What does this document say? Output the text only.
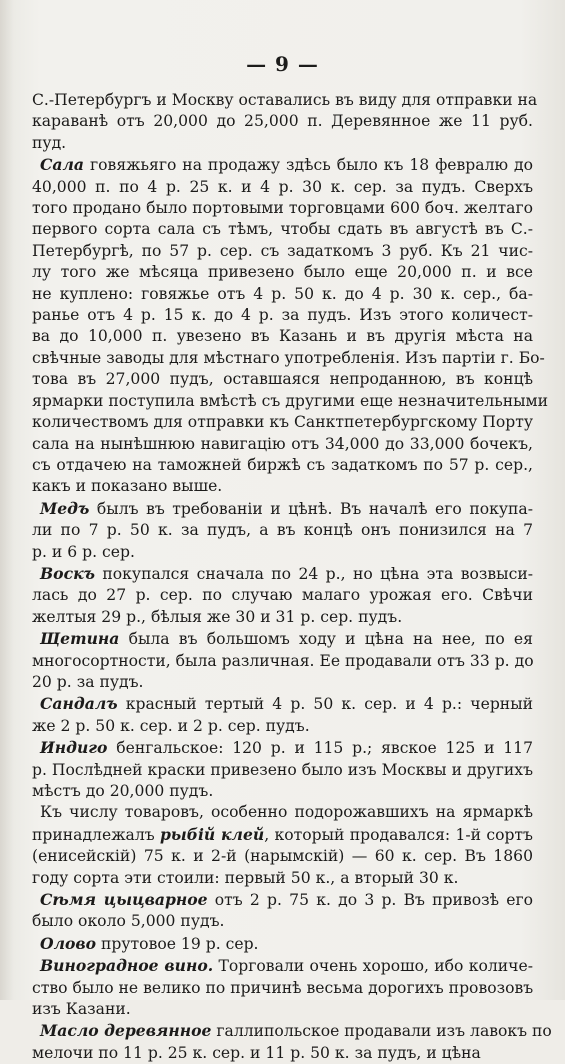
— 9 —
С.-Петербургъ и Москву оставались въ виду для отправки на
караванѣ отъ 20,000 до 25,000 п. Деревянное же 11 руб.
пуд.
Сала говяжьяго на продажу здѣсь было къ 18 февралю до
40,000 п. по 4 р. 25 к. и 4 р. 30 к. сер. за пудъ. Сверхъ
того продано было портовыми торговцами 600 боч. желтаго
первого сорта сала съ тѣмъ, чтобы сдать въ августѣ въ С.-
Петербургѣ, по 57 р. сер. съ задаткомъ 3 руб. Къ 21 чис-
лу того же мѣсяца привезено было еще 20,000 п. и все
не куплено: говяжье отъ 4 р. 50 к. до 4 р. 30 к. сер., ба-
ранье отъ 4 р. 15 к. до 4 р. за пудъ. Изъ этого количест-
ва до 10,000 п. увезено въ Казань и въ другія мѣста на
свѣчные заводы для мѣстнаго употребленія. Изъ партіи г. Бо-
това въ 27,000 пудъ, оставшаяся непроданною, въ концѣ
ярмарки поступила вмѣстѣ съ другими еще незначительными
количествомъ для отправки къ Санктпетербургскому Порту
сала на нынѣшнюю навигацію отъ 34,000 до 33,000 бочекъ,
съ отдачею на таможней биржѣ съ задаткомъ по 57 р. сер.,
какъ и показано выше.
Медъ былъ въ требованіи и цѣнѣ. Въ началѣ его покупа-
ли по 7 р. 50 к. за пудъ, а въ концѣ онъ понизился на 7
р. и 6 р. сер.
Воскъ покупался сначала по 24 р., но цѣна эта возвыси-
лась до 27 р. сер. по случаю малаго урожая его. Свѣчи
желтыя 29 р., бѣлыя же 30 и 31 р. сер. пудъ.
Щетина была въ большомъ ходу и цѣна на нее, по ея
многосортности, была различная. Ее продавали отъ 33 р. до
20 р. за пудъ.
Сандалъ красный тертый 4 р. 50 к. сер. и 4 р.: черный
же 2 р. 50 к. сер. и 2 р. сер. пудъ.
Индиго бенгальское: 120 р. и 115 р.; явское 125 и 117
р. Послѣдней краски привезено было изъ Москвы и другихъ
мѣстъ до 20,000 пудъ.
Къ числу товаровъ, особенно подорожавшихъ на ярмаркѣ
принадлежалъ рыбій клей, который продавался: 1-й сортъ
(енисейскій) 75 к. и 2-й (нарымскій) — 60 к. сер. Въ 1860
году сорта эти стоили: первый 50 к., а вторый 30 к.
Сѣмя цыцварное отъ 2 р. 75 к. до 3 р. Въ привозѣ его
было около 5,000 пудъ.
Олово прутовое 19 р. сер.
Виноградное вино. Торговали очень хорошо, ибо количе-
ство было не велико по причинѣ весьма дорогихъ провозовъ
изъ Казани.
Масло деревянное галлипольское продавали изъ лавокъ по
мелочи по 11 р. 25 к. сер. и 11 р. 50 к. за пудъ, и цѣна
